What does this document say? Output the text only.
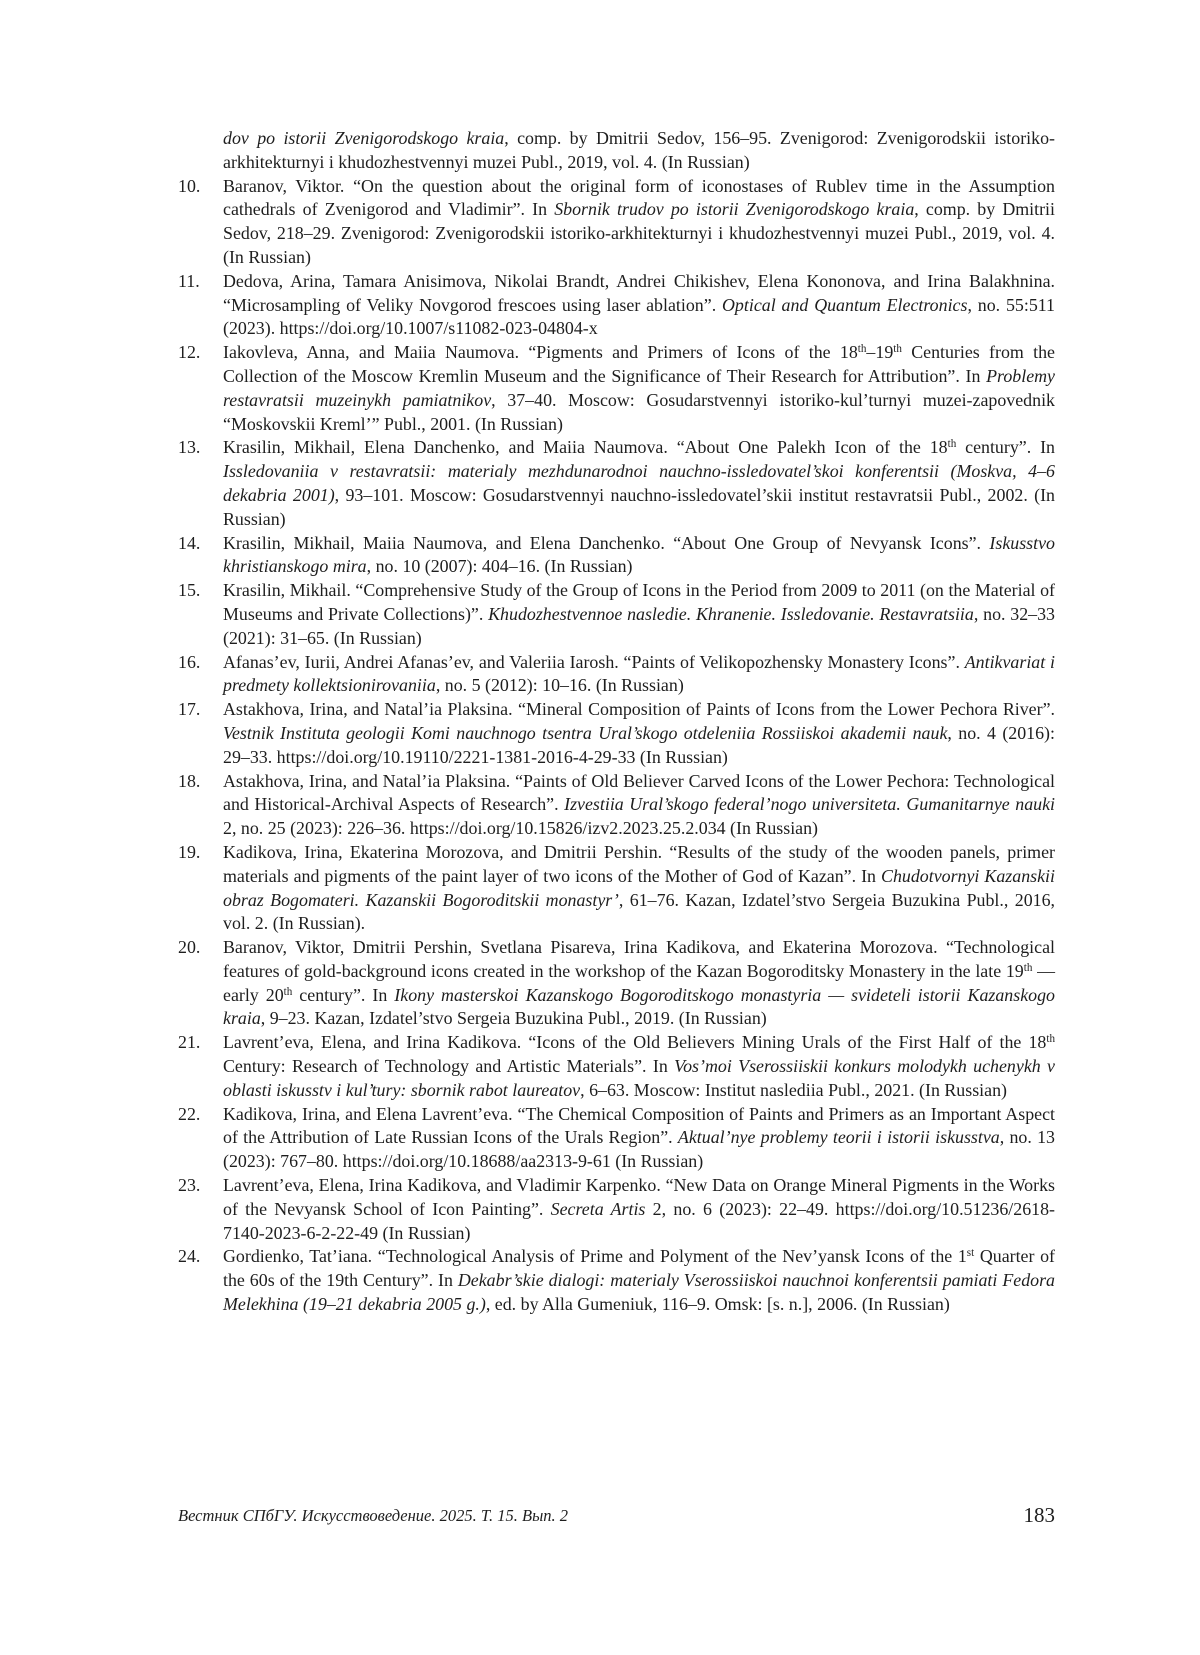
dov po istorii Zvenigorodskogo kraia, comp. by Dmitrii Sedov, 156–95. Zvenigorod: Zvenigorodskii istoriko-arkhitekturnyi i khudozhestvennyi muzei Publ., 2019, vol. 4. (In Russian)
10.	Baranov, Viktor. “On the question about the original form of iconostases of Rublev time in the Assumption cathedrals of Zvenigorod and Vladimir”. In Sbornik trudov po istorii Zvenigorodskogo kraia, comp. by Dmitrii Sedov, 218–29. Zvenigorod: Zvenigorodskii istoriko-arkhitekturnyi i khudozhestvennyi muzei Publ., 2019, vol. 4. (In Russian)
11.	Dedova, Arina, Tamara Anisimova, Nikolai Brandt, Andrei Chikishev, Elena Kononova, and Irina Balakhnina. “Microsampling of Veliky Novgorod frescoes using laser ablation”. Optical and Quantum Electronics, no. 55:511 (2023). https://doi.org/10.1007/s11082-023-04804-x
12.	Iakovleva, Anna, and Maiia Naumova. “Pigments and Primers of Icons of the 18th–19th Centuries from the Collection of the Moscow Kremlin Museum and the Significance of Their Research for Attribution”. In Problemy restavratsii muzeinykh pamiatnikov, 37–40. Moscow: Gosudarstvennyi istoriko-kul’turnyi muzei-zapovednik “Moskovskii Kreml’” Publ., 2001. (In Russian)
13.	Krasilin, Mikhail, Elena Danchenko, and Maiia Naumova. “About One Palekh Icon of the 18th century”. In Issledovaniia v restavratsii: materialy mezhdunarodnoi nauchno-issledovatel’skoi konferentsii (Moskva, 4–6 dekabria 2001), 93–101. Moscow: Gosudarstvennyi nauchno-issledovatel’skii institut restavratsii Publ., 2002. (In Russian)
14.	Krasilin, Mikhail, Maiia Naumova, and Elena Danchenko. “About One Group of Nevyansk Icons”. Iskusstvo khristianskogo mira, no. 10 (2007): 404–16. (In Russian)
15.	Krasilin, Mikhail. “Comprehensive Study of the Group of Icons in the Period from 2009 to 2011 (on the Material of Museums and Private Collections)”. Khudozhestvennoe nasledie. Khranenie. Issledovanie. Restavratsiia, no. 32–33 (2021): 31–65. (In Russian)
16.	Afanas’ev, Iurii, Andrei Afanas’ev, and Valeriia Iarosh. “Paints of Velikopozhensky Monastery Icons”. Antikvariat i predmety kollektsionirovaniia, no. 5 (2012): 10–16. (In Russian)
17.	Astakhova, Irina, and Natal’ia Plaksina. “Mineral Composition of Paints of Icons from the Lower Pechora River”. Vestnik Instituta geologii Komi nauchnogo tsentra Ural’skogo otdeleniia Rossiiskoi akademii nauk, no. 4 (2016): 29–33. https://doi.org/10.19110/2221-1381-2016-4-29-33 (In Russian)
18.	Astakhova, Irina, and Natal’ia Plaksina. “Paints of Old Believer Carved Icons of the Lower Pechora: Technological and Historical-Archival Aspects of Research”. Izvestiia Ural’skogo federal’nogo universiteta. Gumanitarnye nauki 2, no. 25 (2023): 226–36. https://doi.org/10.15826/izv2.2023.25.2.034 (In Russian)
19.	Kadikova, Irina, Ekaterina Morozova, and Dmitrii Pershin. “Results of the study of the wooden panels, primer materials and pigments of the paint layer of two icons of the Mother of God of Kazan”. In Chudotvornyi Kazanskii obraz Bogomateri. Kazanskii Bogoroditskii monastyr’, 61–76. Kazan, Izdatel’stvo Sergeia Buzukina Publ., 2016, vol. 2. (In Russian).
20.	Baranov, Viktor, Dmitrii Pershin, Svetlana Pisareva, Irina Kadikova, and Ekaterina Morozova. “Technological features of gold-background icons created in the workshop of the Kazan Bogoroditsky Monastery in the late 19th — early 20th century”. In Ikony masterskoi Kazanskogo Bogoroditskogo monastyria — svideteli istorii Kazanskogo kraia, 9–23. Kazan, Izdatel’stvo Sergeia Buzukina Publ., 2019. (In Russian)
21.	Lavrent’eva, Elena, and Irina Kadikova. “Icons of the Old Believers Mining Urals of the First Half of the 18th Century: Research of Technology and Artistic Materials”. In Vos’moi Vserossiiskii konkurs molodykh uchenykh v oblasti iskusstv i kul’tury: sbornik rabot laureatov, 6–63. Moscow: Institut naslediia Publ., 2021. (In Russian)
22.	Kadikova, Irina, and Elena Lavrent’eva. “The Chemical Composition of Paints and Primers as an Important Aspect of the Attribution of Late Russian Icons of the Urals Region”. Aktual’nye problemy teorii i istorii iskusstva, no. 13 (2023): 767–80. https://doi.org/10.18688/aa2313-9-61 (In Russian)
23.	Lavrent’eva, Elena, Irina Kadikova, and Vladimir Karpenko. “New Data on Orange Mineral Pigments in the Works of the Nevyansk School of Icon Painting”. Secreta Artis 2, no. 6 (2023): 22–49. https://doi.org/10.51236/2618-7140-2023-6-2-22-49 (In Russian)
24.	Gordienko, Tat’iana. “Technological Analysis of Prime and Polyment of the Nev’yansk Icons of the 1st Quarter of the 60s of the 19th Century”. In Dekabr’skie dialogi: materialy Vserossiiskoi nauchnoi konferentsii pamiati Fedora Melekhina (19–21 dekabria 2005 g.), ed. by Alla Gumeniuk, 116–9. Omsk: [s. n.], 2006. (In Russian)
Вестник СПбГУ. Искусствоведение. 2025. Т. 15. Вып. 2	183
